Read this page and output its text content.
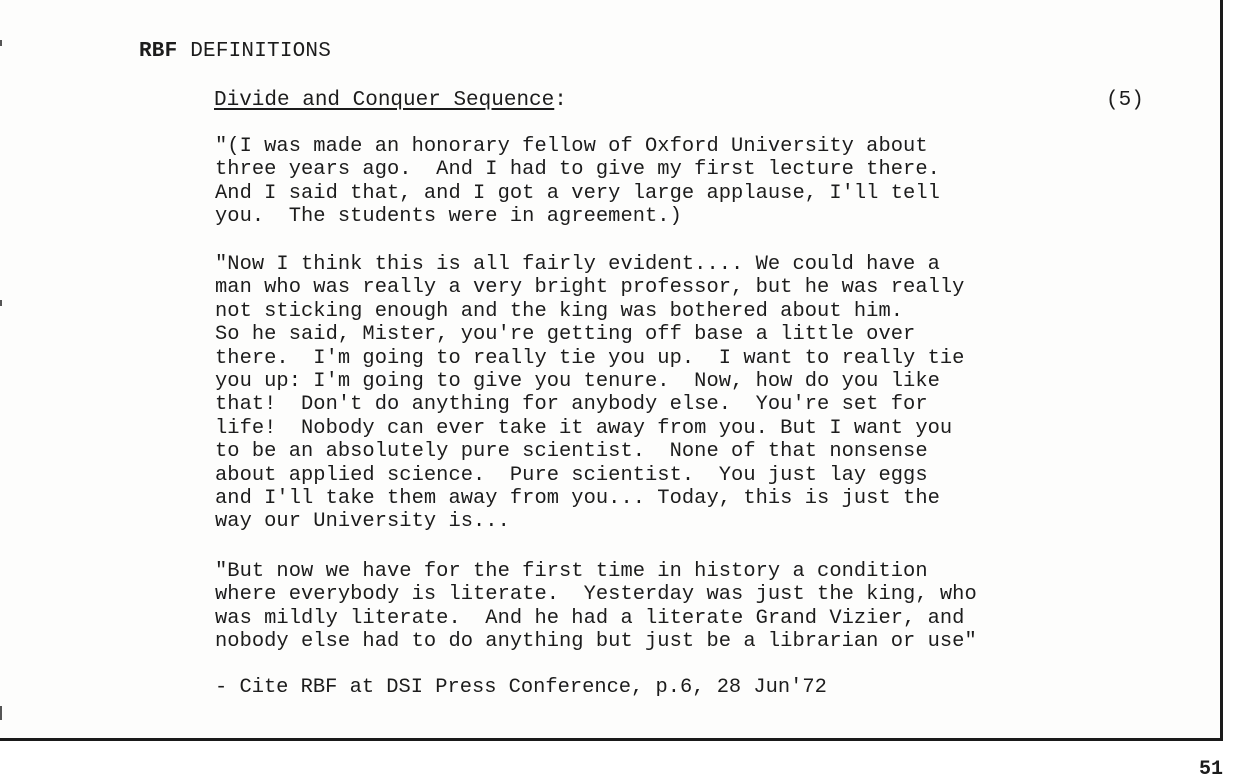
RBF DEFINITIONS
Divide and Conquer Sequence:	(5)
"(I was made an honorary fellow of Oxford University about
three years ago.  And I had to give my first lecture there.
And I said that, and I got a very large applause, I'll tell
you.  The students were in agreement.)
"Now I think this is all fairly evident.... We could have a
man who was really a very bright professor, but he was really
not sticking enough and the king was bothered about him.
So he said, Mister, you're getting off base a little over
there.  I'm going to really tie you up.  I want to really tie
you up: I'm going to give you tenure.  Now, how do you like
that!  Don't do anything for anybody else.  You're set for
life!  Nobody can ever take it away from you. But I want you
to be an absolutely pure scientist.  None of that nonsense
about applied science.  Pure scientist.  You just lay eggs
and I'll take them away from you... Today, this is just the
way our University is...
"But now we have for the first time in history a condition
where everybody is literate.  Yesterday was just the king, who
was mildly literate.  And he had a literate Grand Vizier, and
nobody else had to do anything but just be a librarian or use"
- Cite RBF at DSI Press Conference, p.6, 28 Jun'72
51
